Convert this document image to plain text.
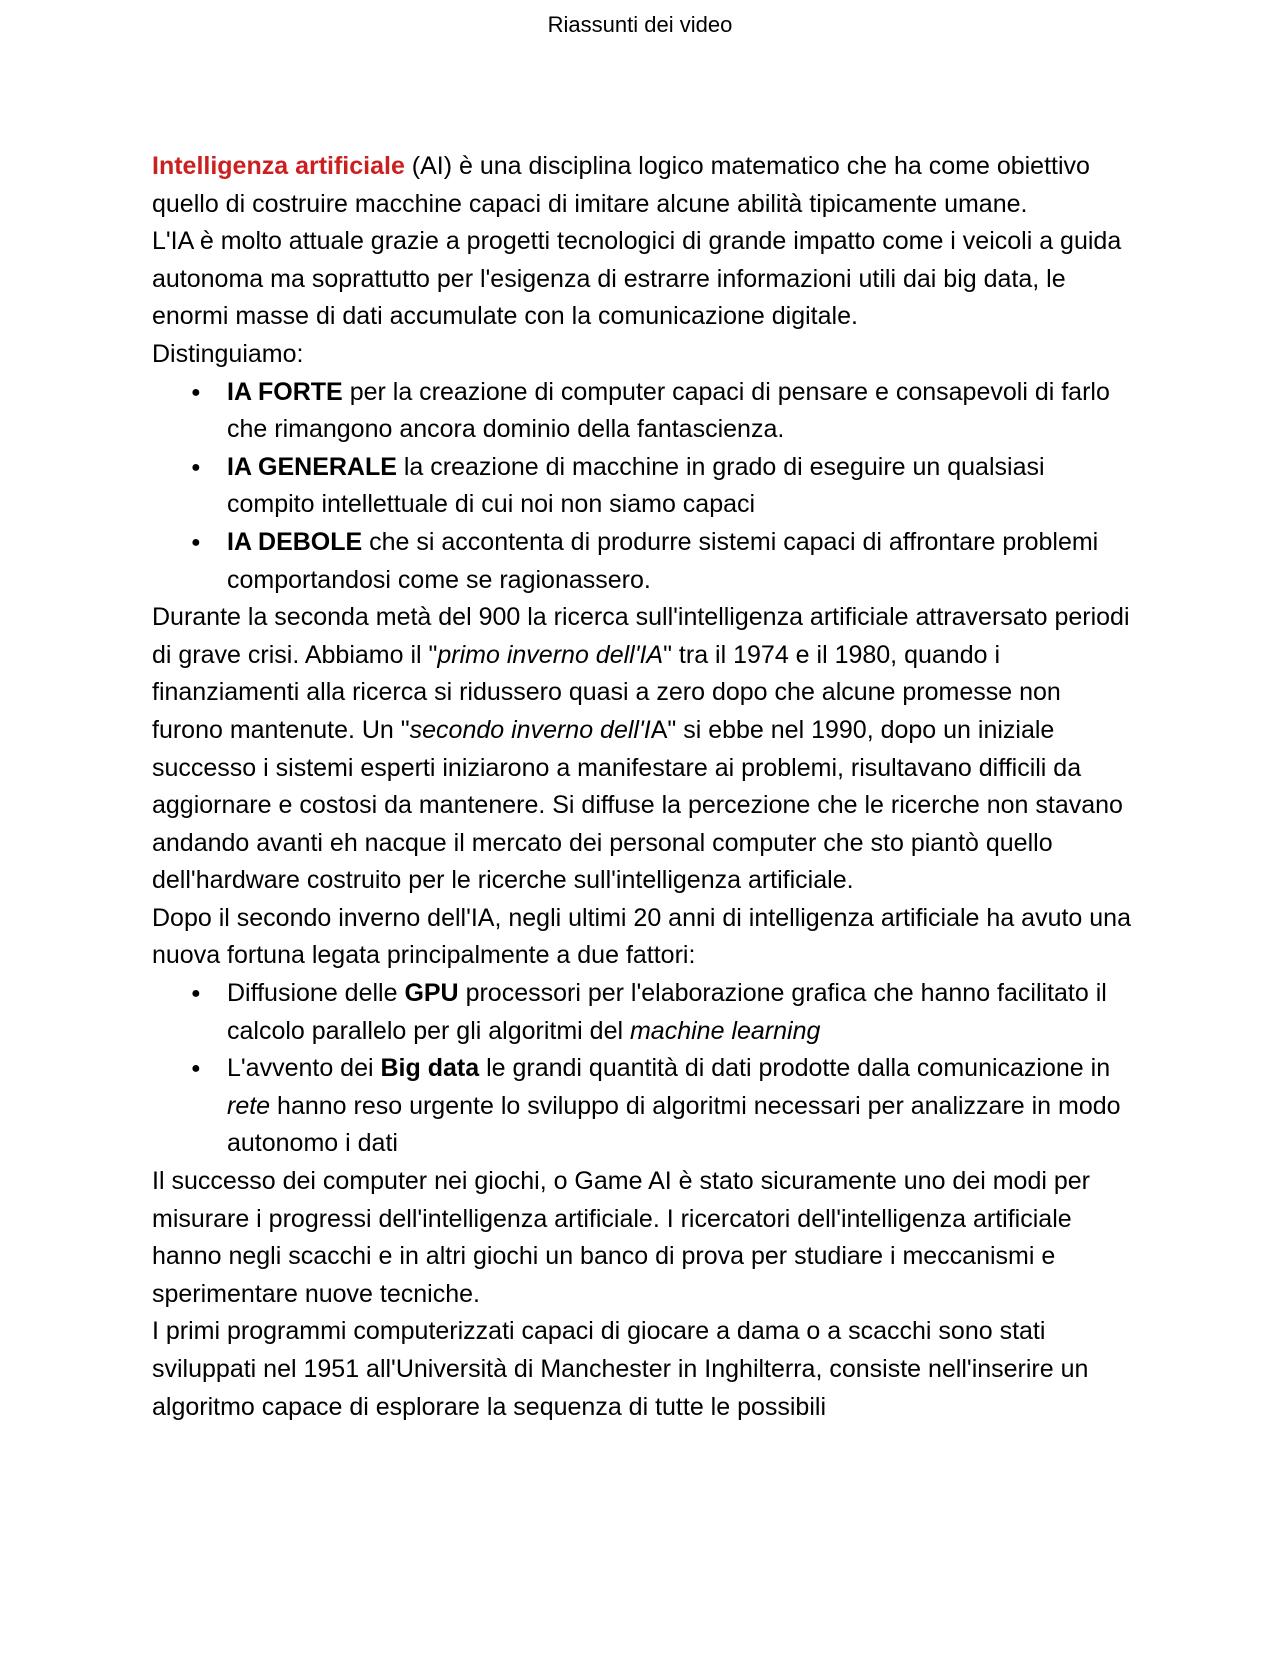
Riassunti dei video

Intelligenza artificiale (AI) è una disciplina logico matematico che ha come obiettivo quello di costruire macchine capaci di imitare alcune abilità tipicamente umane.

L'IA è molto attuale grazie a progetti tecnologici di grande impatto come i veicoli a guida autonoma ma soprattutto per l'esigenza di estrarre informazioni utili dai big data, le enormi masse di dati accumulate con la comunicazione digitale.

Distinguiamo:

● IA FORTE per la creazione di computer capaci di pensare e consapevoli di farlo che rimangono ancora dominio della fantascienza.
● IA GENERALE la creazione di macchine in grado di eseguire un qualsiasi compito intellettuale di cui noi non siamo capaci
● IA DEBOLE che si accontenta di produrre sistemi capaci di affrontare problemi comportandosi come se ragionassero.

Durante la seconda metà del 900 la ricerca sull'intelligenza artificiale attraversato periodi di grave crisi. Abbiamo il "primo inverno dell'IA" tra il 1974 e il 1980, quando i finanziamenti alla ricerca si ridussero quasi a zero dopo che alcune promesse non furono mantenute. Un "secondo inverno dell'IA" si ebbe nel 1990, dopo un iniziale successo i sistemi esperti iniziarono a manifestare ai problemi, risultavano difficili da aggiornare e costosi da mantenere. Si diffuse la percezione che le ricerche non stavano andando avanti eh nacque il mercato dei personal computer che sto piantò quello dell'hardware costruito per le ricerche sull'intelligenza artificiale.

Dopo il secondo inverno dell'IA, negli ultimi 20 anni di intelligenza artificiale ha avuto una nuova fortuna legata principalmente a due fattori:

● Diffusione delle GPU processori per l'elaborazione grafica che hanno facilitato il calcolo parallelo per gli algoritmi del machine learning
● L'avvento dei Big data le grandi quantità di dati prodotte dalla comunicazione in rete hanno reso urgente lo sviluppo di algoritmi necessari per analizzare in modo autonomo i dati

Il successo dei computer nei giochi, o Game AI è stato sicuramente uno dei modi per misurare i progressi dell'intelligenza artificiale. I ricercatori dell'intelligenza artificiale hanno negli scacchi e in altri giochi un banco di prova per studiare i meccanismi e sperimentare nuove tecniche.

I primi programmi computerizzati capaci di giocare a dama o a scacchi sono stati sviluppati nel 1951 all'Università di Manchester in Inghilterra, consiste nell'inserire un algoritmo capace di esplorare la sequenza di tutte le possibili
